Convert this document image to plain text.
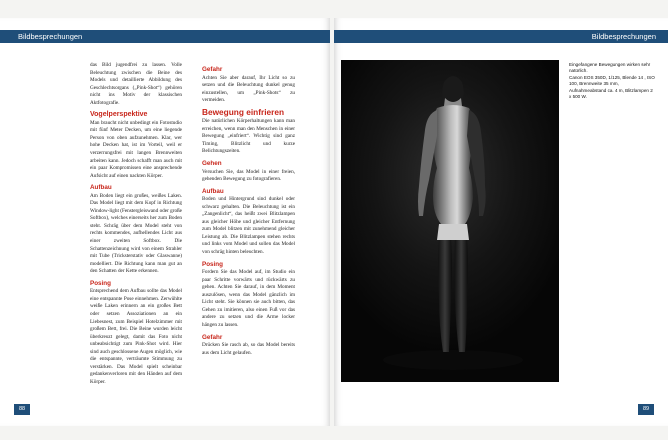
Bildbesprechungen	Bildbesprechungen

das Bild jugendfrei zu lassen. Volle Beleuchtung zwischen die Beine des Models und detaillierte Abbildung des Geschlechtsorgans („Pink-Shot“) gehören nicht ins Motiv der klassischen Aktfotografie.

Vogelperspektive

Man braucht nicht unbedingt ein Fotostudio mit fünf Meter Decken, um eine liegende Person von oben aufzunehmen. Klar, wer hohe Decken hat, ist im Vorteil, weil er verzerrungsfrei mit langen Brennweiten arbeiten kann. Jedoch schafft man auch mit ein paar Kompromissen eine ansprechende Aufsicht auf einen nackten Körper.

Aufbau

Am Boden liegt ein großes, weißes Laken. Das Model liegt mit dem Kopf in Richtung Window-light (Fenstergleiswand oder große Softbox), welches einerseits her zum Boden steht. Schräg über dem Model steht von rechts kommendes, aufhellendes Licht aus einer zweiten Softbox. Die Schattenzeichnung wird von einem Strahler mit Tube (Tricksterstativ oder Glaswanne) modelliert. Die Richtung kann man gut an den Schatten der Kette erkennen.

Posing

Entsprechend dem Aufbau sollte das Model eine entspannte Pose einnehmen. Zerwühlte weiße Laken erinnern an ein großes Bett oder setzen Assoziationen an ein Liebesnest, zum Beispiel Hotelzimmer mit großem Bett, frei. Die Beine wurden leicht überkreuzt gelegt, damit das Foto nicht unbeabsichtigt zum Pink-Shot wird. Hier sind auch geschlossene Augen möglich, wie die entspannte, verträumte Stimmung zu verstärken. Das Model spielt scheinbar gedankenverloren mit den Händen auf dem Körper.

Gefahr

Achten Sie aber darauf, Ihr Licht so zu setzen und die Beleuchtung dunkel genug einzustellen, um „Pink-Shots“ zu vermeiden.

Bewegung einfrieren

Die natürlichen Körperhaltungen kann man erreichen, wenn man den Menschen in einer Bewegung „einfriert“. Wichtig sind ganz Timing, Blitzlicht und kurze Belichtungszeiten.

Gehen

Versuchen Sie, das Model in einer freien, gehenden Bewegung zu fotografieren.

Aufbau

Boden und Hintergrund sind dunkel oder schwarz gehalten. Die Beleuchtung ist ein „Zangenlicht“, das heißt zwei Blitzlampen aus gleicher Höhe und gleicher Entfernung zum Model blitzen mit zunehmend gleicher Leistung ab. Die Blitzlampen stehen rechts und links vom Model und sollen das Model von schräg hinten beleuchten.

Posing

Fordern Sie das Model auf, im Studio ein paar Schritte vorwärts und rückwärts zu gehen. Achten Sie darauf, in dem Moment auszulösen, wenn das Model gänzlich im Licht steht. Sie können sie auch bitten, das Gehen zu imitieren, also einen Fuß vor das andere zu setzen und die Arme locker hängen zu lassen.

Gefahr

Drücken Sie rasch ab, so das Model bereits aus dem Licht gelaufen.

Eingefangene Bewegungen wirken sehr natürlich.

Canon EOS 350D, 1/125, Blende 14 , ISO 100, Brennweite 35 mm, Aufnahmeabstand ca. 4 m, Blitzlampen 2 x 500 W.

88	89
